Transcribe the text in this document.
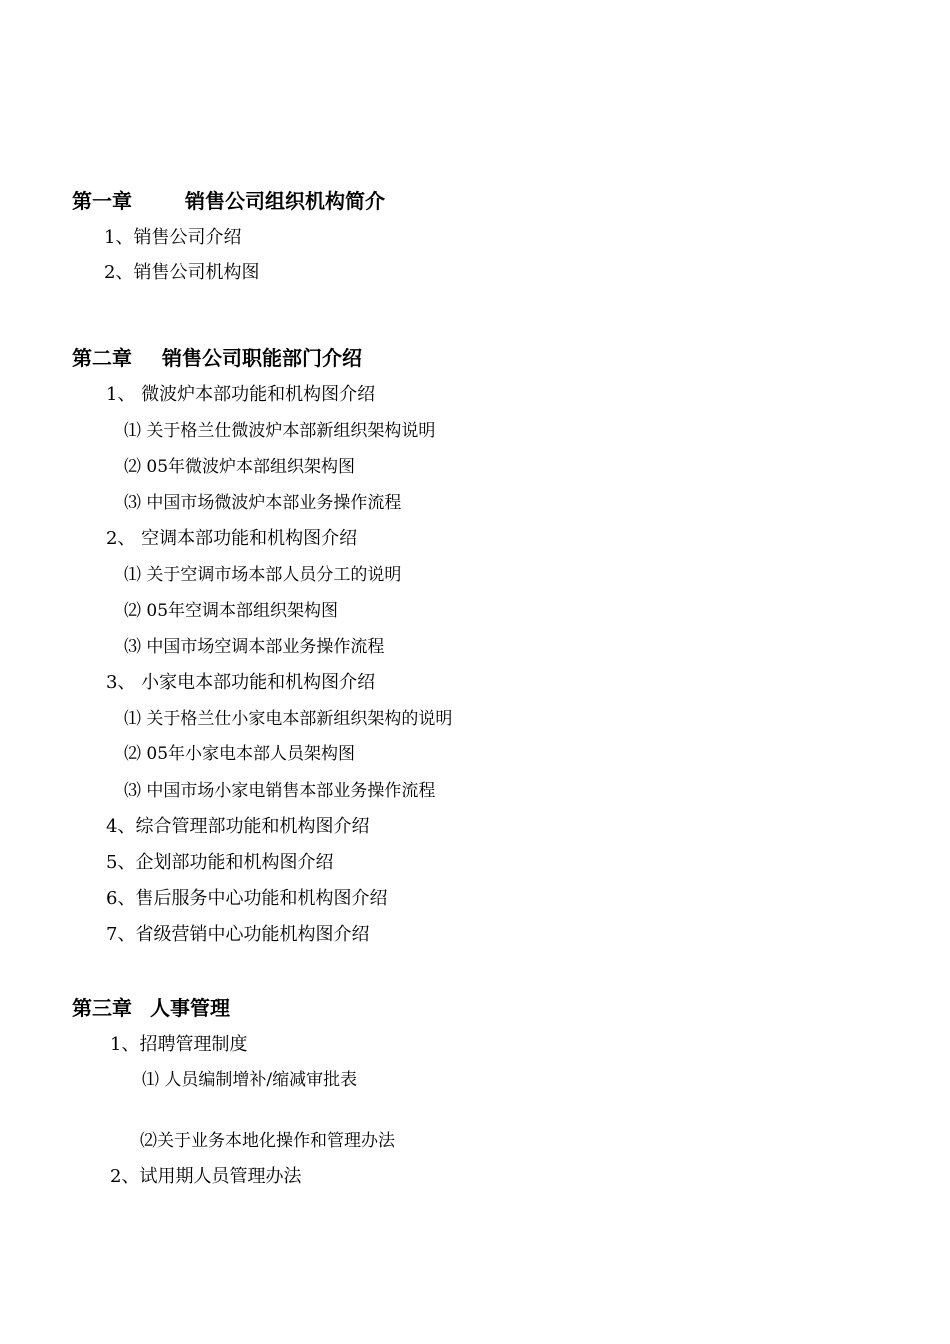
第一章	销售公司组织机构简介
1、销售公司介绍
2、销售公司机构图
第二章 销售公司职能部门介绍
1、 微波炉本部功能和机构图介绍
⑴ 关于格兰仕微波炉本部新组织架构说明
⑵ 05年微波炉本部组织架构图
⑶ 中国市场微波炉本部业务操作流程
2、 空调本部功能和机构图介绍
⑴ 关于空调市场本部人员分工的说明
⑵ 05年空调本部组织架构图
⑶ 中国市场空调本部业务操作流程
3、 小家电本部功能和机构图介绍
⑴ 关于格兰仕小家电本部新组织架构的说明
⑵ 05年小家电本部人员架构图
⑶ 中国市场小家电销售本部业务操作流程
4、综合管理部功能和机构图介绍
5、企划部功能和机构图介绍
6、售后服务中心功能和机构图介绍
7、省级营销中心功能机构图介绍
第三章 人事管理
1、招聘管理制度
⑴ 人员编制增补/缩减审批表
⑵关于业务本地化操作和管理办法
2、试用期人员管理办法
